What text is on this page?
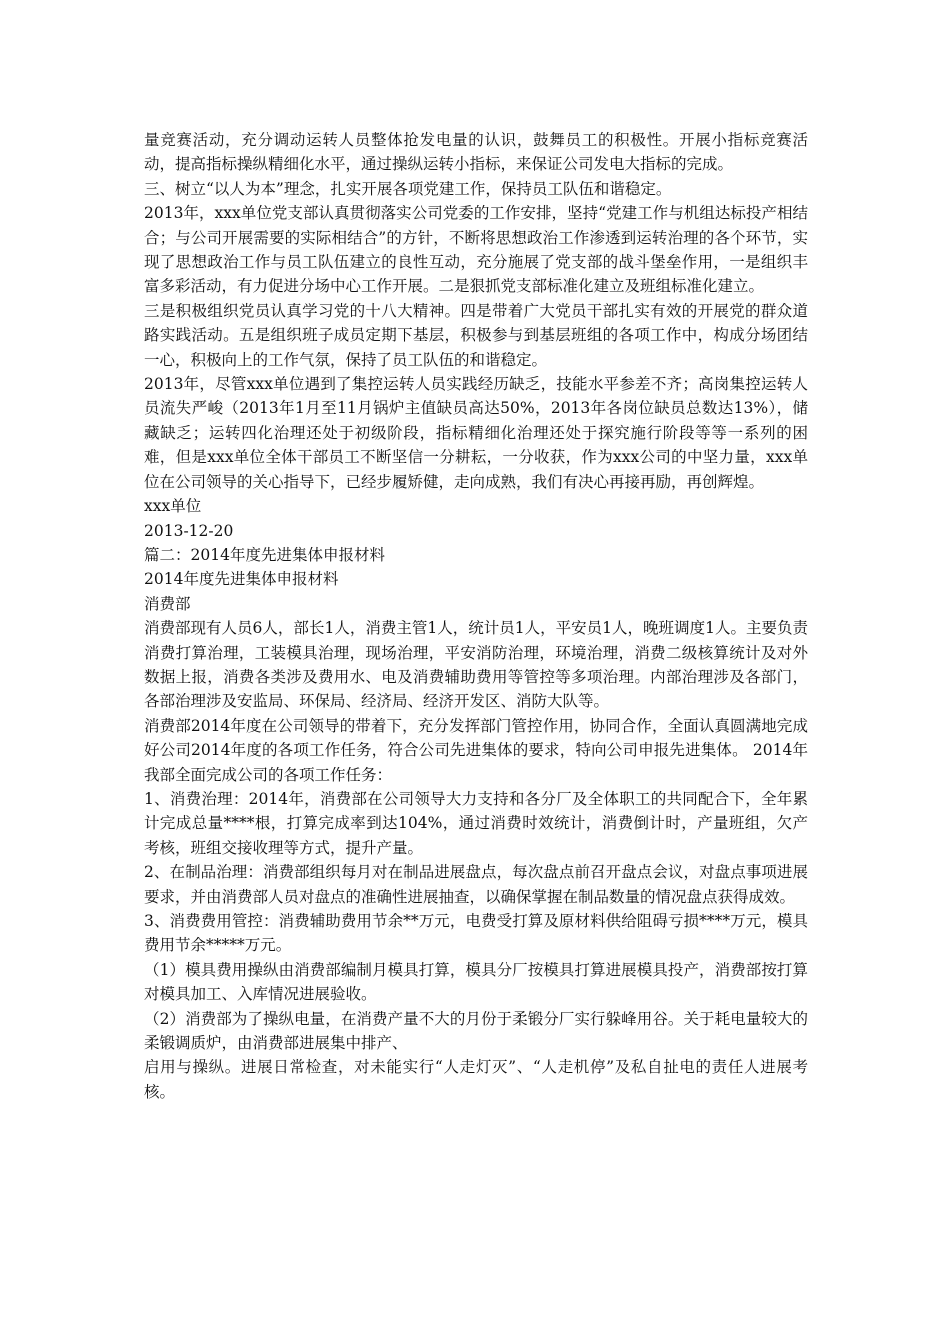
量竞赛活动，充分调动运转人员整体抢发电量的认识，鼓舞员工的积极性。开展小指标竞赛活动，提高指标操纵精细化水平，通过操纵运转小指标，来保证公司发电大指标的完成。

三、树立“以人为本”理念，扎实开展各项党建工作，保持员工队伍和谐稳定。

2013年，xxx单位党支部认真贯彻落实公司党委的工作安排，坚持“党建工作与机组达标投产相结合；与公司开展需要的实际相结合”的方针，不断将思想政治工作渗透到运转治理的各个环节，实现了思想政治工作与员工队伍建立的良性互动，充分施展了党支部的战斗堡垒作用，一是组织丰富多彩活动，有力促进分场中心工作开展。二是狠抓党支部标准化建立及班组标准化建立。

三是积极组织党员认真学习党的十八大精神。四是带着广大党员干部扎实有效的开展党的群众道路实践活动。五是组织班子成员定期下基层，积极参与到基层班组的各项工作中，构成分场团结一心，积极向上的工作气氛，保持了员工队伍的和谐稳定。

2013年，尽管xxx单位遇到了集控运转人员实践经历缺乏，技能水平参差不齐；高岗集控运转人员流失严峻（2013年1月至11月锅炉主值缺员高达50%，2013年各岗位缺员总数达13%），储藏缺乏；运转四化治理还处于初级阶段，指标精细化治理还处于探究施行阶段等等一系列的困难，但是xxx单位全体干部员工不断坚信一分耕耘，一分收获，作为xxx公司的中坚力量，xxx单位在公司领导的关心指导下，已经步履矫健，走向成熟，我们有决心再接再励，再创辉煌。

xxx单位

2013-12-20

篇二：2014年度先进集体申报材料

2014年度先进集体申报材料

消费部

消费部现有人员6人，部长1人，消费主管1人，统计员1人，平安员1人，晚班调度1人。主要负责消费打算治理，工装模具治理，现场治理，平安消防治理，环境治理，消费二级核算统计及对外数据上报，消费各类涉及费用水、电及消费辅助费用等管控等多项治理。内部治理涉及各部门，各部治理涉及安监局、环保局、经济局、经济开发区、消防大队等。

消费部2014年度在公司领导的带着下，充分发挥部门管控作用，协同合作，全面认真圆满地完成好公司2014年度的各项工作任务，符合公司先进集体的要求，特向公司申报先进集体。 2014年我部全面完成公司的各项工作任务：

1、消费治理：2014年，消费部在公司领导大力支持和各分厂及全体职工的共同配合下，全年累计完成总量****根，打算完成率到达104%，通过消费时效统计，消费倒计时，产量班组，欠产考核，班组交接收理等方式，提升产量。

2、在制品治理：消费部组织每月对在制品进展盘点，每次盘点前召开盘点会议，对盘点事项进展要求，并由消费部人员对盘点的准确性进展抽查，以确保掌握在制品数量的情况盘点获得成效。

3、消费费用管控：消费辅助费用节余**万元，电费受打算及原材料供给阻碍亏损****万元，模具费用节余*****万元。

（1）模具费用操纵由消费部编制月模具打算，模具分厂按模具打算进展模具投产，消费部按打算对模具加工、入库情况进展验收。

（2）消费部为了操纵电量，在消费产量不大的月份于柔锻分厂实行躲峰用谷。关于耗电量较大的柔锻调质炉，由消费部进展集中排产、

启用与操纵。进展日常检查，对未能实行“人走灯灭”、“人走机停”及私自扯电的责任人进展考核。
